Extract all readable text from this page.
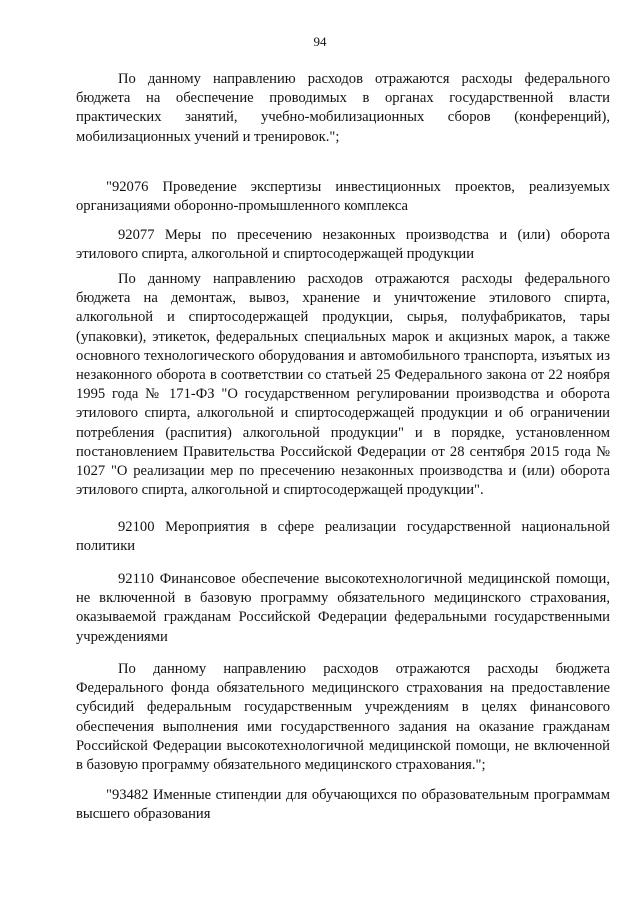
94

По данному направлению расходов отражаются расходы федерального бюджета на обеспечение проводимых в органах государственной власти практических занятий, учебно-мобилизационных сборов (конференций), мобилизационных учений и тренировок.";

"92076 Проведение экспертизы инвестиционных проектов, реализуемых организациями оборонно-промышленного комплекса

92077 Меры по пресечению незаконных производства и (или) оборота этилового спирта, алкогольной и спиртосодержащей продукции

По данному направлению расходов отражаются расходы федерального бюджета на демонтаж, вывоз, хранение и уничтожение этилового спирта, алкогольной и спиртосодержащей продукции, сырья, полуфабрикатов, тары (упаковки), этикеток, федеральных специальных марок и акцизных марок, а также основного технологического оборудования и автомобильного транспорта, изъятых из незаконного оборота в соответствии со статьей 25 Федерального закона от 22 ноября 1995 года № 171-ФЗ "О государственном регулировании производства и оборота этилового спирта, алкогольной и спиртосодержащей продукции и об ограничении потребления (распития) алкогольной продукции" и в порядке, установленном постановлением Правительства Российской Федерации от 28 сентября 2015 года № 1027 "О реализации мер по пресечению незаконных производства и (или) оборота этилового спирта, алкогольной и спиртосодержащей продукции".

92100 Мероприятия в сфере реализации государственной национальной политики

92110 Финансовое обеспечение высокотехнологичной медицинской помощи, не включенной в базовую программу обязательного медицинского страхования, оказываемой гражданам Российской Федерации федеральными государственными учреждениями

По данному направлению расходов отражаются расходы бюджета Федерального фонда обязательного медицинского страхования на предоставление субсидий федеральным государственным учреждениям в целях финансового обеспечения выполнения ими государственного задания на оказание гражданам Российской Федерации высокотехнологичной медицинской помощи, не включенной в базовую программу обязательного медицинского страхования.";

"93482 Именные стипендии для обучающихся по образовательным программам высшего образования
